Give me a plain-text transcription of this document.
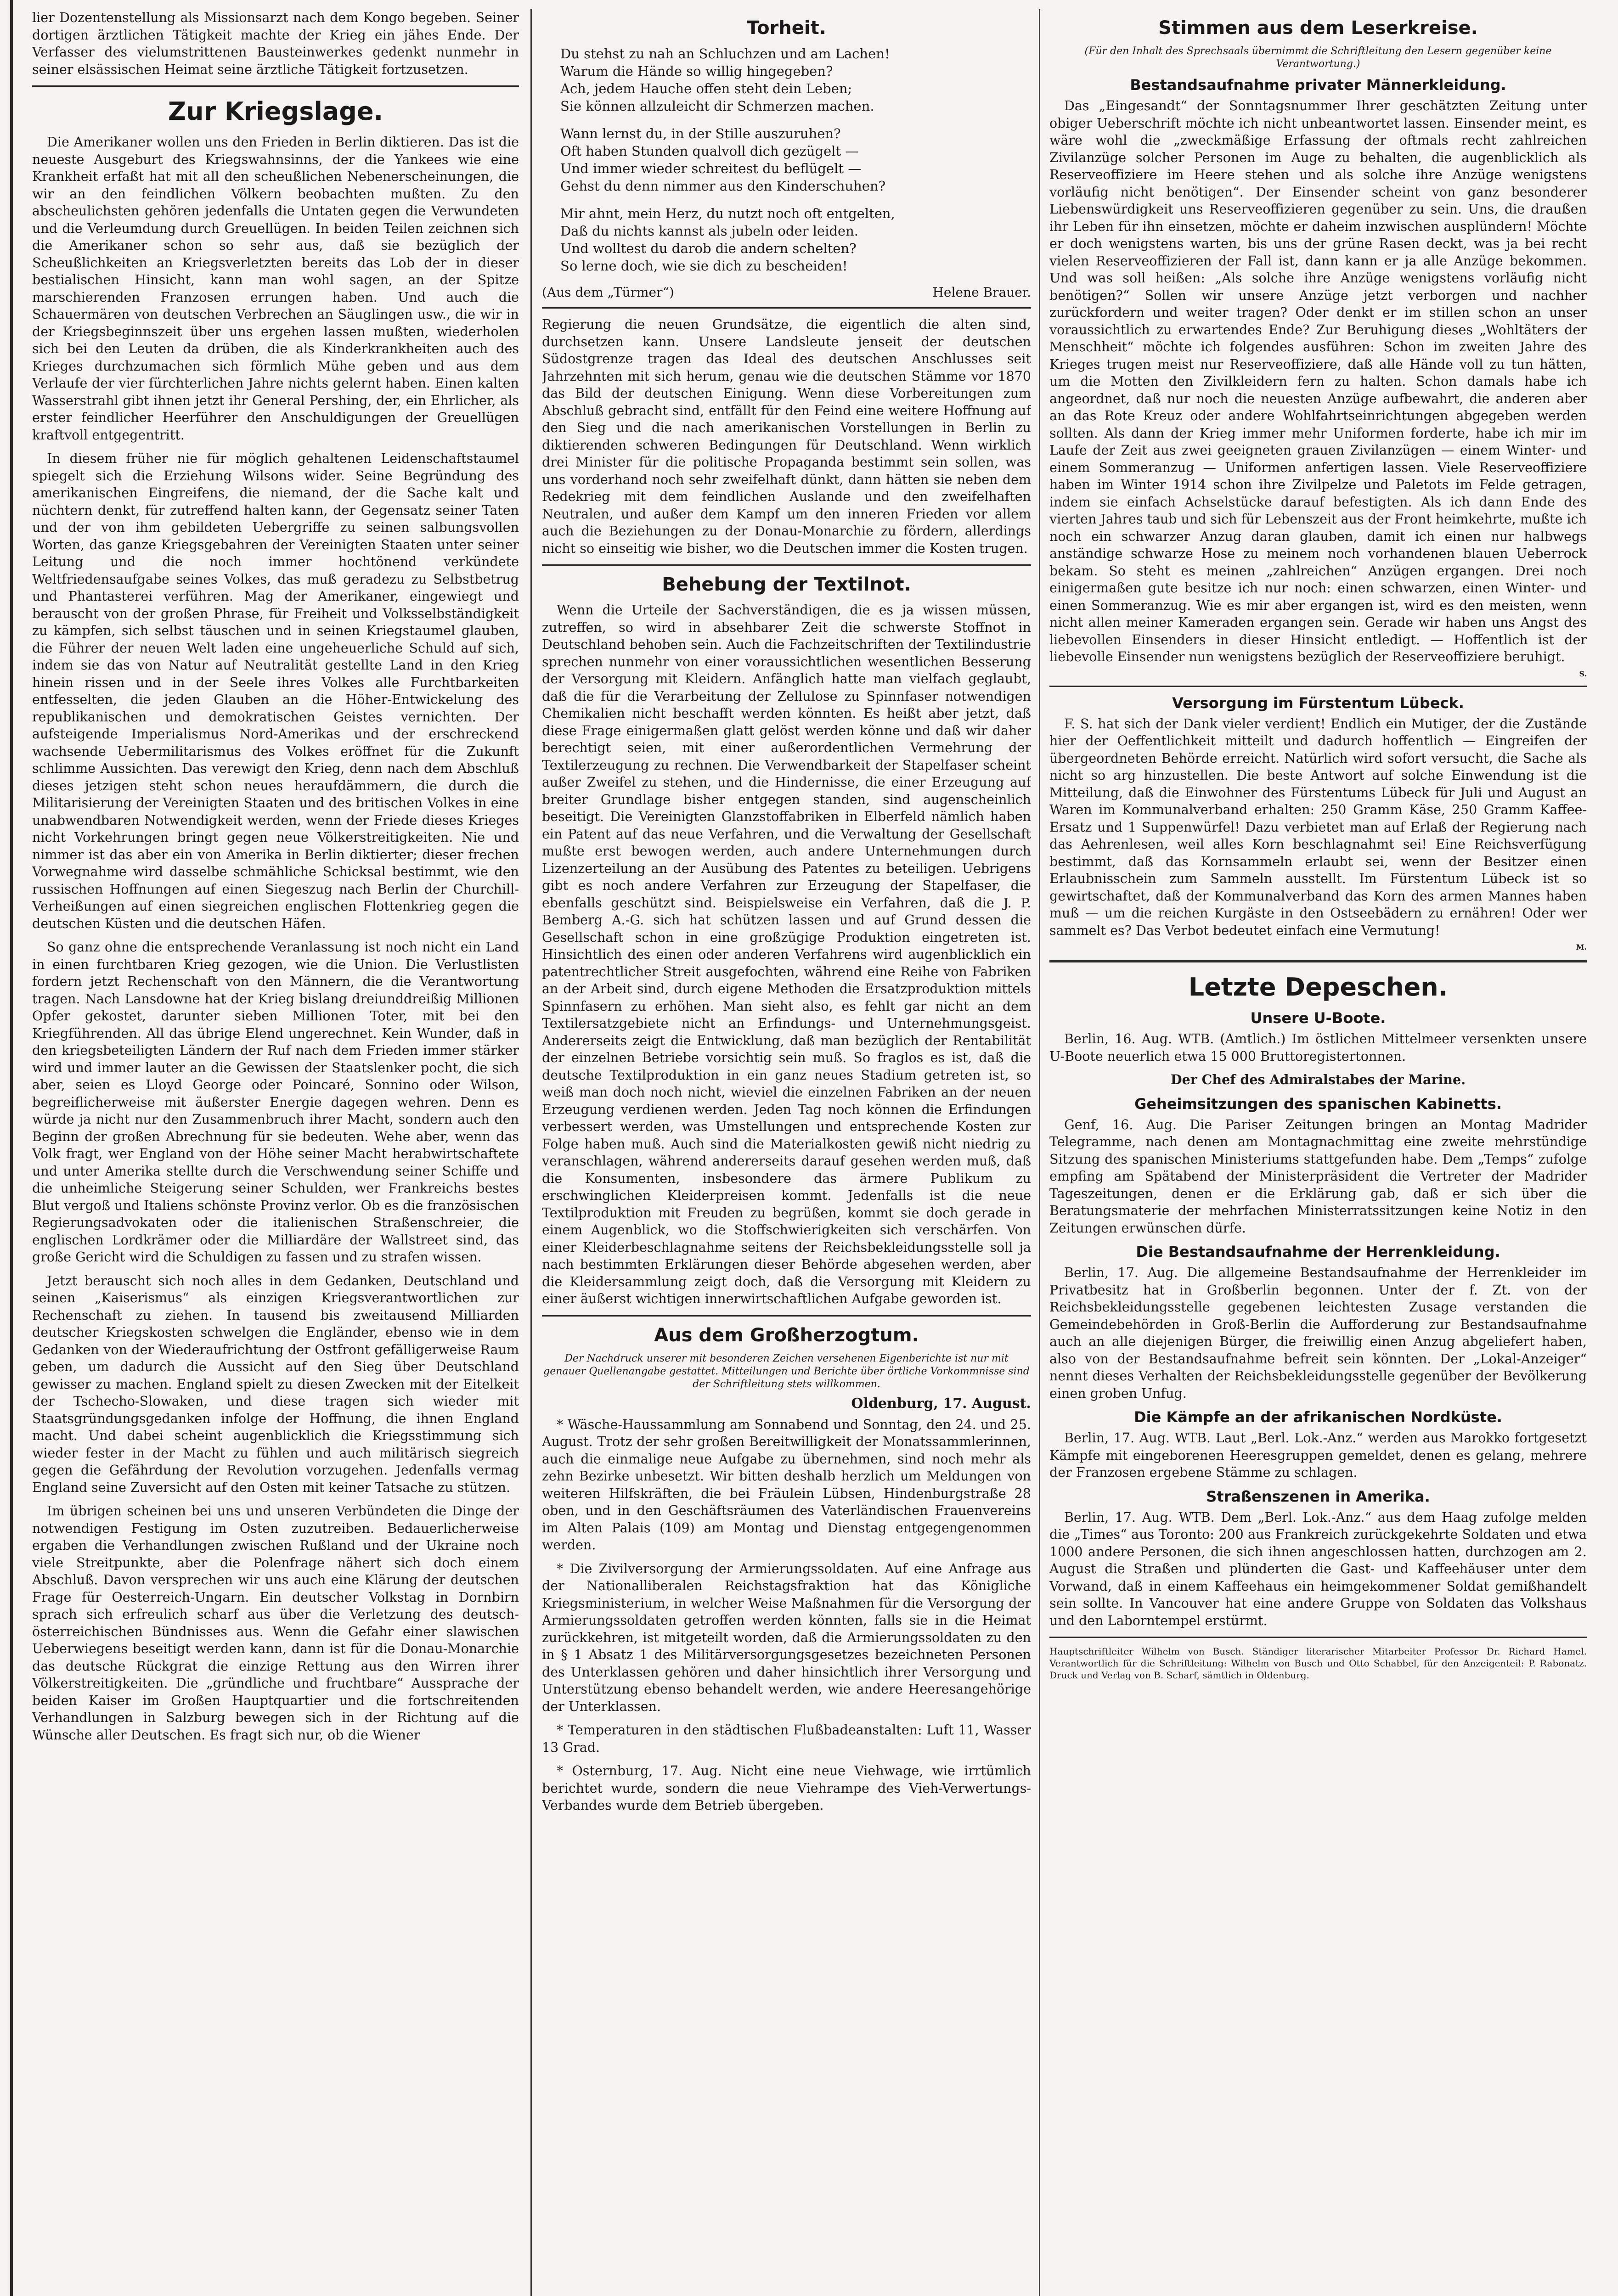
lier Dozentenstellung als Missionsarzt nach dem Kongo begeben. Seiner dortigen ärztlichen Tätigkeit machte der Krieg ein jähes Ende. Der Verfasser des vielumstrittenen Bausteinwerkes gedenkt nunmehr in seiner elsässischen Heimat seine ärztliche Tätigkeit fortzusetzen.

Zur Kriegslage.

Die Amerikaner wollen uns den Frieden in Berlin diktieren. Das ist die neueste Ausgeburt des Kriegswahnsinns, der die Yankees wie eine Krankheit erfaßt hat mit all den scheußlichen Nebenerscheinungen, die wir an den feindlichen Völkern beobachten mußten. Zu den abscheulichsten gehören jedenfalls die Untaten gegen die Verwundeten und die Verleumdung durch Greuellügen. In beiden Teilen zeichnen sich die Amerikaner schon so sehr aus, daß sie bezüglich der Scheußlichkeiten an Kriegsverletzten bereits das Lob der in dieser bestialischen Hinsicht, kann man wohl sagen, an der Spitze marschierenden Franzosen errungen haben. Und auch die Schauermären von deutschen Verbrechen an Säuglingen usw., die wir in der Kriegsbeginnszeit über uns ergehen lassen mußten, wiederholen sich bei den Leuten da drüben, die als Kinderkrankheiten auch des Krieges durchzumachen sich förmlich Mühe geben und aus dem Verlaufe der vier fürchterlichen Jahre nichts gelernt haben. Einen kalten Wasserstrahl gibt ihnen jetzt ihr General Pershing, der, ein Ehrlicher, als erster feindlicher Heerführer den Anschuldigungen der Greuellügen kraftvoll entgegentritt.

In diesem früher nie für möglich gehaltenen Leidenschaftstaumel spiegelt sich die Erziehung Wilsons wider. Seine Begründung des amerikanischen Eingreifens, die niemand, der die Sache kalt und nüchtern denkt, für zutreffend halten kann, der Gegensatz seiner Taten und der von ihm gebildeten Uebergriffe zu seinen salbungsvollen Worten, das ganze Kriegsgebahren der Vereinigten Staaten unter seiner Leitung und die noch immer hochtönend verkündete Weltfriedensaufgabe seines Volkes, das muß geradezu zu Selbstbetrug und Phantasterei verführen. Mag der Amerikaner, eingewiegt und berauscht von der großen Phrase, für Freiheit und Volksselbständigkeit zu kämpfen, sich selbst täuschen und in seinen Kriegstaumel glauben, die Führer der neuen Welt laden eine ungeheuerliche Schuld auf sich, indem sie das von Natur auf Neutralität gestellte Land in den Krieg hinein rissen und in der Seele ihres Volkes alle Furchtbarkeiten entfesselten, die jeden Glauben an die Höher-Entwickelung des republikanischen und demokratischen Geistes vernichten. Der aufsteigende Imperialismus Nord-Amerikas und der erschreckend wachsende Uebermilitarismus des Volkes eröffnet für die Zukunft schlimme Aussichten. Das verewigt den Krieg, denn nach dem Abschluß dieses jetzigen steht schon neues heraufdämmern, die durch die Militarisierung der Vereinigten Staaten und des britischen Volkes in eine unabwendbaren Notwendigkeit werden, wenn der Friede dieses Krieges nicht Vorkehrungen bringt gegen neue Völkerstreitigkeiten. Nie und nimmer ist das aber ein von Amerika in Berlin diktierter; dieser frechen Vorwegnahme wird dasselbe schmähliche Schicksal bestimmt, wie den russischen Hoffnungen auf einen Siegeszug nach Berlin der Churchill-Verheißungen auf einen siegreichen englischen Flottenkrieg gegen die deutschen Küsten und die deutschen Häfen.

So ganz ohne die entsprechende Veranlassung ist noch nicht ein Land in einen furchtbaren Krieg gezogen, wie die Union. Die Verlustlisten fordern jetzt Rechenschaft von den Männern, die die Verantwortung tragen. Nach Lansdowne hat der Krieg bislang dreiunddreißig Millionen Opfer gekostet, darunter sieben Millionen Toter, mit bei den Kriegführenden. All das übrige Elend ungerechnet. Kein Wunder, daß in den kriegsbeteiligten Ländern der Ruf nach dem Frieden immer stärker wird und immer lauter an die Gewissen der Staatslenker pocht, die sich aber, seien es Lloyd George oder Poincaré, Sonnino oder Wilson, begreiflicherweise mit äußerster Energie dagegen wehren. Denn es würde ja nicht nur den Zusammenbruch ihrer Macht, sondern auch den Beginn der großen Abrechnung für sie bedeuten. Wehe aber, wenn das Volk fragt, wer England von der Höhe seiner Macht herabwirtschaftete und unter Amerika stellte durch die Verschwendung seiner Schiffe und die unheimliche Steigerung seiner Schulden, wer Frankreichs bestes Blut vergoß und Italiens schönste Provinz verlor. Ob es die französischen Regierungsadvokaten oder die italienischen Straßenschreier, die englischen Lordkrämer oder die Milliardäre der Wallstreet sind, das große Gericht wird die Schuldigen zu fassen und zu strafen wissen.

Jetzt berauscht sich noch alles in dem Gedanken, Deutschland und seinen „Kaiserismus“ als einzigen Kriegsverantwortlichen zur Rechenschaft zu ziehen. In tausend bis zweitausend Milliarden deutscher Kriegskosten schwelgen die Engländer, ebenso wie in dem Gedanken von der Wiederaufrichtung der Ostfront gefälligerweise Raum geben, um dadurch die Aussicht auf den Sieg über Deutschland gewisser zu machen. England spielt zu diesen Zwecken mit der Eitelkeit der Tschecho-Slowaken, und diese tragen sich wieder mit Staatsgründungsgedanken infolge der Hoffnung, die ihnen England macht. Und dabei scheint augenblicklich die Kriegsstimmung sich wieder fester in der Macht zu fühlen und auch militärisch siegreich gegen die Gefährdung der Revolution vorzugehen. Jedenfalls vermag England seine Zuversicht auf den Osten mit keiner Tatsache zu stützen.

Im übrigen scheinen bei uns und unseren Verbündeten die Dinge der notwendigen Festigung im Osten zuzutreiben. Bedauerlicherweise ergaben die Verhandlungen zwischen Rußland und der Ukraine noch viele Streitpunkte, aber die Polenfrage nähert sich doch einem Abschluß. Davon versprechen wir uns auch eine Klärung der deutschen Frage für Oesterreich-Ungarn. Ein deutscher Volkstag in Dornbirn sprach sich erfreulich scharf aus über die Verletzung des deutsch-österreichischen Bündnisses aus. Wenn die Gefahr einer slawischen Ueberwiegens beseitigt werden kann, dann ist für die Donau-Monarchie das deutsche Rückgrat die einzige Rettung aus den Wirren ihrer Völkerstreitigkeiten. Die „gründliche und fruchtbare“ Aussprache der beiden Kaiser im Großen Hauptquartier und die fortschreitenden Verhandlungen in Salzburg bewegen sich in der Richtung auf die Wünsche aller Deutschen. Es fragt sich nur, ob die Wiener

Torheit.
Du stehst zu nah an Schluchzen und am Lachen!
Warum die Hände so willig hingegeben?
Ach, jedem Hauche offen steht dein Leben;
Sie können allzuleicht dir Schmerzen machen.
Wann lernst du, in der Stille auszuruhen?
Oft haben Stunden qualvoll dich gezügelt —
Und immer wieder schreitest du beflügelt —
Gehst du denn nimmer aus den Kinderschuhen?
Mir ahnt, mein Herz, du nutzt noch oft entgelten,
Daß du nichts kannst als jubeln oder leiden.
Und wolltest du darob die andern schelten?
So lerne doch, wie sie dich zu bescheiden!
(Aus dem „Türmer“)	Helene Brauer.

Regierung die neuen Grundsätze, die eigentlich die alten sind, durchsetzen kann. Unsere Landsleute jenseit der deutschen Südostgrenze tragen das Ideal des deutschen Anschlusses seit Jahrzehnten mit sich herum, genau wie die deutschen Stämme vor 1870 das Bild der deutschen Einigung. Wenn diese Vorbereitungen zum Abschluß gebracht sind, entfällt für den Feind eine weitere Hoffnung auf den Sieg und die nach amerikanischen Vorstellungen in Berlin zu diktierenden schweren Bedingungen für Deutschland. Wenn wirklich drei Minister für die politische Propaganda bestimmt sein sollen, was uns vorderhand noch sehr zweifelhaft dünkt, dann hätten sie neben dem Redekrieg mit dem feindlichen Auslande und den zweifelhaften Neutralen, und außer dem Kampf um den inneren Frieden vor allem auch die Beziehungen zu der Donau-Monarchie zu fördern, allerdings nicht so einseitig wie bisher, wo die Deutschen immer die Kosten trugen.

Behebung der Textilnot.

Wenn die Urteile der Sachverständigen, die es ja wissen müssen, zutreffen, so wird in absehbarer Zeit die schwerste Stoffnot in Deutschland behoben sein. Auch die Fachzeitschriften der Textilindustrie sprechen nunmehr von einer voraussichtlichen wesentlichen Besserung der Versorgung mit Kleidern. Anfänglich hatte man vielfach geglaubt, daß die für die Verarbeitung der Zellulose zu Spinnfaser notwendigen Chemikalien nicht beschafft werden könnten. Es heißt aber jetzt, daß diese Frage einigermaßen glatt gelöst werden könne und daß wir daher berechtigt seien, mit einer außerordentlichen Vermehrung der Textilerzeugung zu rechnen. Die Verwendbarkeit der Stapelfaser scheint außer Zweifel zu stehen, und die Hindernisse, die einer Erzeugung auf breiter Grundlage bisher entgegen standen, sind augenscheinlich beseitigt. Die Vereinigten Glanzstoffabriken in Elberfeld nämlich haben ein Patent auf das neue Verfahren, und die Verwaltung der Gesellschaft mußte erst bewogen werden, auch andere Unternehmungen durch Lizenzerteilung an der Ausübung des Patentes zu beteiligen. Uebrigens gibt es noch andere Verfahren zur Erzeugung der Stapelfaser, die ebenfalls geschützt sind. Beispielsweise ein Verfahren, daß die J. P. Bemberg A.-G. sich hat schützen lassen und auf Grund dessen die Gesellschaft schon in eine großzügige Produktion eingetreten ist. Hinsichtlich des einen oder anderen Verfahrens wird augenblicklich ein patentrechtlicher Streit ausgefochten, während eine Reihe von Fabriken an der Arbeit sind, durch eigene Methoden die Ersatzproduktion mittels Spinnfasern zu erhöhen. Man sieht also, es fehlt gar nicht an dem Textilersatzgebiete nicht an Erfindungs- und Unternehmungsgeist. Andererseits zeigt die Entwicklung, daß man bezüglich der Rentabilität der einzelnen Betriebe vorsichtig sein muß. So fraglos es ist, daß die deutsche Textilproduktion in ein ganz neues Stadium getreten ist, so weiß man doch noch nicht, wieviel die einzelnen Fabriken an der neuen Erzeugung verdienen werden. Jeden Tag noch können die Erfindungen verbessert werden, was Umstellungen und entsprechende Kosten zur Folge haben muß. Auch sind die Materialkosten gewiß nicht niedrig zu veranschlagen, während andererseits darauf gesehen werden muß, daß die Konsumenten, insbesondere das ärmere Publikum zu erschwinglichen Kleiderpreisen kommt. Jedenfalls ist die neue Textilproduktion mit Freuden zu begrüßen, kommt sie doch gerade in einem Augenblick, wo die Stoffschwierigkeiten sich verschärfen. Von einer Kleiderbeschlagnahme seitens der Reichsbekleidungsstelle soll ja nach bestimmten Erklärungen dieser Behörde abgesehen werden, aber die Kleidersammlung zeigt doch, daß die Versorgung mit Kleidern zu einer äußerst wichtigen innerwirtschaftlichen Aufgabe geworden ist.

Aus dem Großherzogtum.
Der Nachdruck unserer mit besonderen Zeichen versehenen Eigenberichte ist nur mit genauer Quellenangabe gestattet. Mitteilungen und Berichte über örtliche Vorkommnisse sind der Schriftleitung stets willkommen.
Oldenburg, 17. August.

* Wäsche-Haussammlung am Sonnabend und Sonntag, den 24. und 25. August. Trotz der sehr großen Bereitwilligkeit der Monatssammlerinnen, auch die einmalige neue Aufgabe zu übernehmen, sind noch mehr als zehn Bezirke unbesetzt. Wir bitten deshalb herzlich um Meldungen von weiteren Hilfskräften, die bei Fräulein Lübsen, Hindenburgstraße 28 oben, und in den Geschäftsräumen des Vaterländischen Frauenvereins im Alten Palais (109) am Montag und Dienstag entgegengenommen werden.

* Die Zivilversorgung der Armierungssoldaten. Auf eine Anfrage aus der Nationalliberalen Reichstagsfraktion hat das Königliche Kriegsministerium, in welcher Weise Maßnahmen für die Versorgung der Armierungssoldaten getroffen werden könnten, falls sie in die Heimat zurückkehren, ist mitgeteilt worden, daß die Armierungssoldaten zu den in § 1 Absatz 1 des Militärversorgungsgesetzes bezeichneten Personen des Unterklassen gehören und daher hinsichtlich ihrer Versorgung und Unterstützung ebenso behandelt werden, wie andere Heeresangehörige der Unterklassen.

* Temperaturen in den städtischen Flußbadeanstalten: Luft 11, Wasser 13 Grad.

* Osternburg, 17. Aug. Nicht eine neue Viehwage, wie irrtümlich berichtet wurde, sondern die neue Viehrampe des Vieh-Verwertungs-Verbandes wurde dem Betrieb übergeben.

Stimmen aus dem Leserkreise.
(Für den Inhalt des Sprechsaals übernimmt die Schriftleitung den Lesern gegenüber keine Verantwortung.)
Bestandsaufnahme privater Männerkleidung.

Das „Eingesandt“ der Sonntagsnummer Ihrer geschätzten Zeitung unter obiger Ueberschrift möchte ich nicht unbeantwortet lassen. Einsender meint, es wäre wohl die „zweckmäßige Erfassung der oftmals recht zahlreichen Zivilanzüge solcher Personen im Auge zu behalten, die augenblicklich als Reserveoffiziere im Heere stehen und als solche ihre Anzüge wenigstens vorläufig nicht benötigen“. Der Einsender scheint von ganz besonderer Liebenswürdigkeit uns Reserveoffizieren gegenüber zu sein. Uns, die draußen ihr Leben für ihn einsetzen, möchte er daheim inzwischen ausplündern! Möchte er doch wenigstens warten, bis uns der grüne Rasen deckt, was ja bei recht vielen Reserveoffizieren der Fall ist, dann kann er ja alle Anzüge bekommen. Und was soll heißen: „Als solche ihre Anzüge wenigstens vorläufig nicht benötigen?“ Sollen wir unsere Anzüge jetzt verborgen und nachher zurückfordern und weiter tragen? Oder denkt er im stillen schon an unser voraussichtlich zu erwartendes Ende? Zur Beruhigung dieses „Wohltäters der Menschheit“ möchte ich folgendes ausführen: Schon im zweiten Jahre des Krieges trugen meist nur Reserveoffiziere, daß alle Hände voll zu tun hätten, um die Motten den Zivilkleidern fern zu halten. Schon damals habe ich angeordnet, daß nur noch die neuesten Anzüge aufbewahrt, die anderen aber an das Rote Kreuz oder andere Wohlfahrtseinrichtungen abgegeben werden sollten. Als dann der Krieg immer mehr Uniformen forderte, habe ich mir im Laufe der Zeit aus zwei geeigneten grauen Zivilanzügen — einem Winter- und einem Sommeranzug — Uniformen anfertigen lassen. Viele Reserveoffiziere haben im Winter 1914 schon ihre Zivilpelze und Paletots im Felde getragen, indem sie einfach Achselstücke darauf befestigten. Als ich dann Ende des vierten Jahres taub und sich für Lebenszeit aus der Front heimkehrte, mußte ich noch ein schwarzer Anzug daran glauben, damit ich einen nur halbwegs anständige schwarze Hose zu meinem noch vorhandenen blauen Ueberrock bekam. So steht es meinen „zahlreichen“ Anzügen ergangen. Drei noch einigermaßen gute besitze ich nur noch: einen schwarzen, einen Winter- und einen Sommeranzug. Wie es mir aber ergangen ist, wird es den meisten, wenn nicht allen meiner Kameraden ergangen sein. Gerade wir haben uns Angst des liebevollen Einsenders in dieser Hinsicht entledigt. — Hoffentlich ist der liebevolle Einsender nun wenigstens bezüglich der Reserveoffiziere beruhigt.

S.
Versorgung im Fürstentum Lübeck.

F. S. hat sich der Dank vieler verdient! Endlich ein Mutiger, der die Zustände hier der Oeffentlichkeit mitteilt und dadurch hoffentlich — Eingreifen der übergeordneten Behörde erreicht. Natürlich wird sofort versucht, die Sache als nicht so arg hinzustellen. Die beste Antwort auf solche Einwendung ist die Mitteilung, daß die Einwohner des Fürstentums Lübeck für Juli und August an Waren im Kommunalverband erhalten: 250 Gramm Käse, 250 Gramm Kaffee-Ersatz und 1 Suppenwürfel! Dazu verbietet man auf Erlaß der Regierung nach das Aehrenlesen, weil alles Korn beschlagnahmt sei! Eine Reichsverfügung bestimmt, daß das Kornsammeln erlaubt sei, wenn der Besitzer einen Erlaubnisschein zum Sammeln ausstellt. Im Fürstentum Lübeck ist so gewirtschaftet, daß der Kommunalverband das Korn des armen Mannes haben muß — um die reichen Kurgäste in den Ostseebädern zu ernähren! Oder wer sammelt es? Das Verbot bedeutet einfach eine Vermutung!

M.
Letzte Depeschen.
Unsere U-Boote.

Berlin, 16. Aug. WTB. (Amtlich.) Im östlichen Mittelmeer versenkten unsere U-Boote neuerlich etwa 15 000 Bruttoregistertonnen.

Der Chef des Admiralstabes der Marine.

Geheimsitzungen des spanischen Kabinetts.

Genf, 16. Aug. Die Pariser Zeitungen bringen an Montag Madrider Telegramme, nach denen am Montagnachmittag eine zweite mehrstündige Sitzung des spanischen Ministeriums stattgefunden habe. Dem „Temps“ zufolge empfing am Spätabend der Ministerpräsident die Vertreter der Madrider Tageszeitungen, denen er die Erklärung gab, daß er sich über die Beratungsmaterie der mehrfachen Ministerratssitzungen keine Notiz in den Zeitungen erwünschen dürfe.

Die Bestandsaufnahme der Herrenkleidung.

Berlin, 17. Aug. Die allgemeine Bestandsaufnahme der Herrenkleider im Privatbesitz hat in Großberlin begonnen. Unter der f. Zt. von der Reichsbekleidungsstelle gegebenen leichtesten Zusage verstanden die Gemeindebehörden in Groß-Berlin die Aufforderung zur Bestandsaufnahme auch an alle diejenigen Bürger, die freiwillig einen Anzug abgeliefert haben, also von der Bestandsaufnahme befreit sein könnten. Der „Lokal-Anzeiger“ nennt dieses Verhalten der Reichsbekleidungsstelle gegenüber der Bevölkerung einen groben Unfug.

Die Kämpfe an der afrikanischen Nordküste.

Berlin, 17. Aug. WTB. Laut „Berl. Lok.-Anz.“ werden aus Marokko fortgesetzt Kämpfe mit eingeborenen Heeresgruppen gemeldet, denen es gelang, mehrere der Franzosen ergebene Stämme zu schlagen.

Straßenszenen in Amerika.

Berlin, 17. Aug. WTB. Dem „Berl. Lok.-Anz.“ aus dem Haag zufolge melden die „Times“ aus Toronto: 200 aus Frankreich zurückgekehrte Soldaten und etwa 1000 andere Personen, die sich ihnen angeschlossen hatten, durchzogen am 2. August die Straßen und plünderten die Gast- und Kaffeehäuser unter dem Vorwand, daß in einem Kaffeehaus ein heimgekommener Soldat gemißhandelt sein sollte. In Vancouver hat eine andere Gruppe von Soldaten das Volkshaus und den Laborntempel erstürmt.

Hauptschriftleiter Wilhelm von Busch. Ständiger literarischer Mitarbeiter Professor Dr. Richard Hamel. Verantwortlich für die Schriftleitung: Wilhelm von Busch und Otto Schabbel, für den Anzeigenteil: P. Rabonatz. Druck und Verlag von B. Scharf, sämtlich in Oldenburg.
